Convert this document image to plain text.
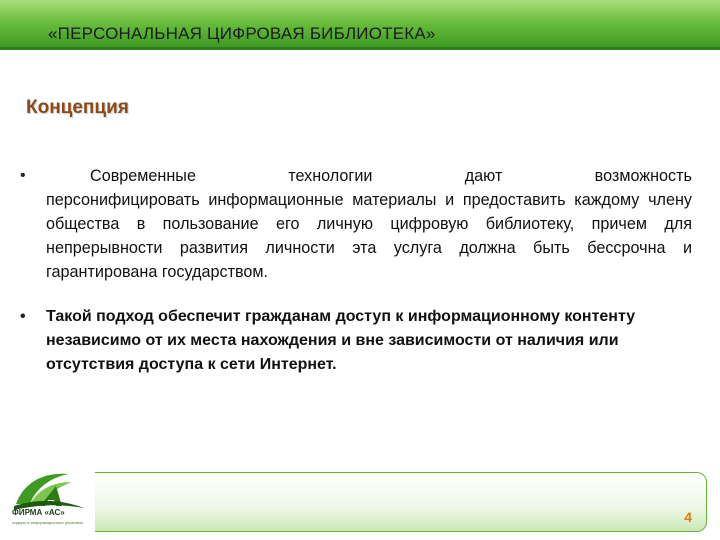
«ПЕРСОНАЛЬНАЯ ЦИФРОВАЯ БИБЛИОТЕКА»
Концепция
•	Современные технологии дают возможность
персонифицировать информационные материалы и предоставить каждому члену общества в пользование его личную цифровую библиотеку, причем для непрерывности развития личности эта услуга должна быть бессрочна и гарантирована государством.
• Такой подход обеспечит гражданам доступ к информационному контенту независимо от их места нахождения и вне зависимости от наличия или отсутствия доступа к сети Интернет.
ФИРМА «АС»
лидеры в информационных решениях	4
